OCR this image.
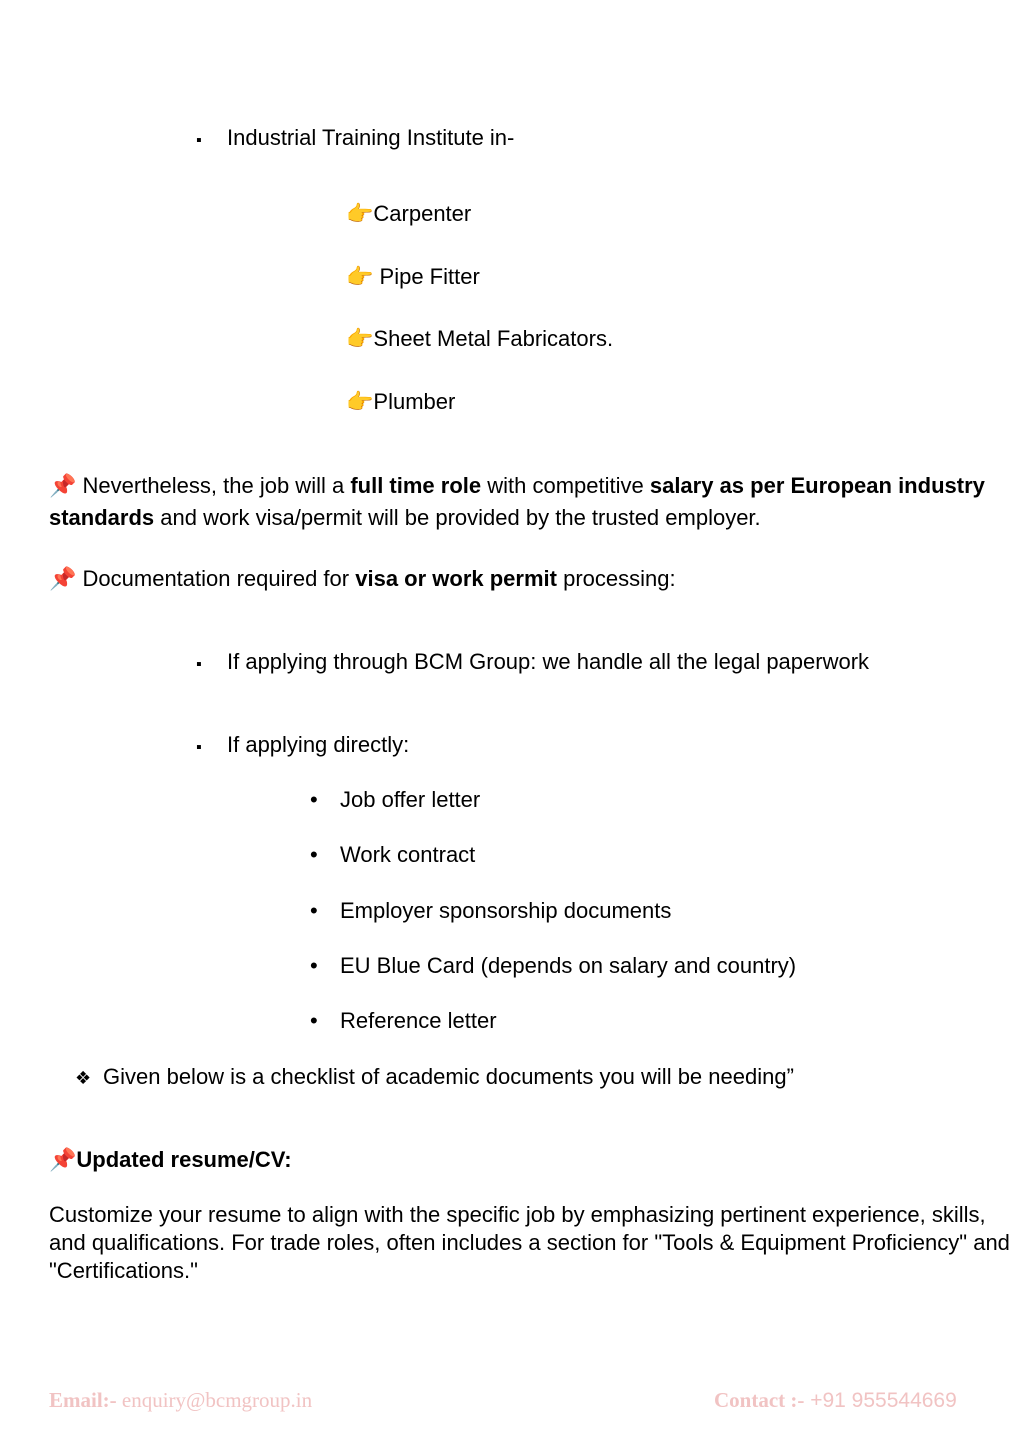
▪ Industrial Training Institute in-
👉Carpenter
👉 Pipe Fitter
👉Sheet Metal Fabricators.
👉Plumber
📌 Nevertheless, the job will a full time role with competitive salary as per European industry standards and work visa/permit will be provided by the trusted employer.
📌 Documentation required for visa or work permit processing:
▪ If applying through BCM Group: we handle all the legal paperwork
▪ If applying directly:
• Job offer letter
• Work contract
• Employer sponsorship documents
• EU Blue Card (depends on salary and country)
• Reference letter
❖ Given below is a checklist of academic documents you will be needing”
📌Updated resume/CV:
Customize your resume to align with the specific job by emphasizing pertinent experience, skills, and qualifications. For trade roles, often includes a section for "Tools & Equipment Proficiency" and "Certifications."
Email:- enquiry@bcmgroup.in	Contact :- +91 955544669
